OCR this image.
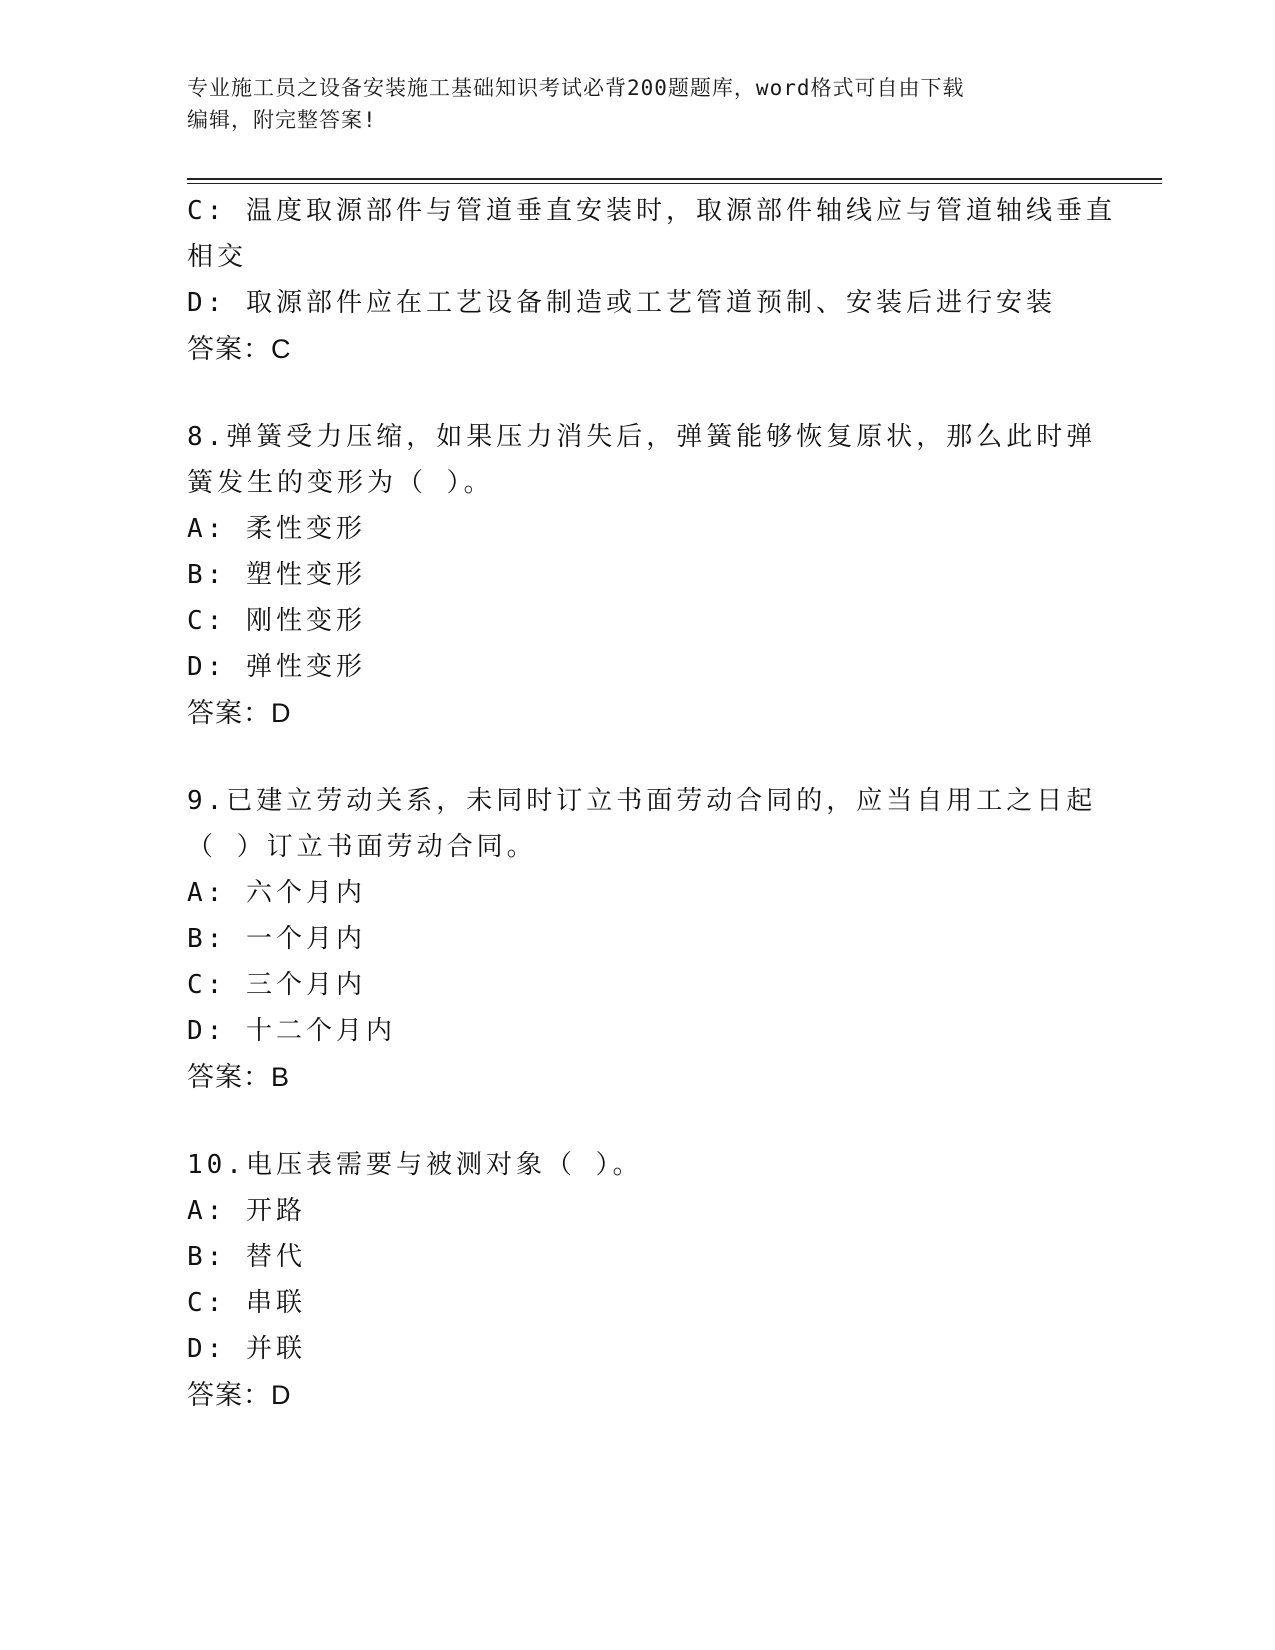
专业施工员之设备安装施工基础知识考试必背200题题库，word格式可自由下载
编辑，附完整答案!
C: 温度取源部件与管道垂直安装时，取源部件轴线应与管道轴线垂直
相交
D: 取源部件应在工艺设备制造或工艺管道预制、安装后进行安装
答案：C
8.弹簧受力压缩，如果压力消失后，弹簧能够恢复原状，那么此时弹
簧发生的变形为（ ）。
A: 柔性变形
B: 塑性变形
C: 刚性变形
D: 弹性变形
答案：D
9.已建立劳动关系，未同时订立书面劳动合同的，应当自用工之日起
（ ）订立书面劳动合同。
A: 六个月内
B: 一个月内
C: 三个月内
D: 十二个月内
答案：B
10.电压表需要与被测对象（ ）。
A: 开路
B: 替代
C: 串联
D: 并联
答案：D
